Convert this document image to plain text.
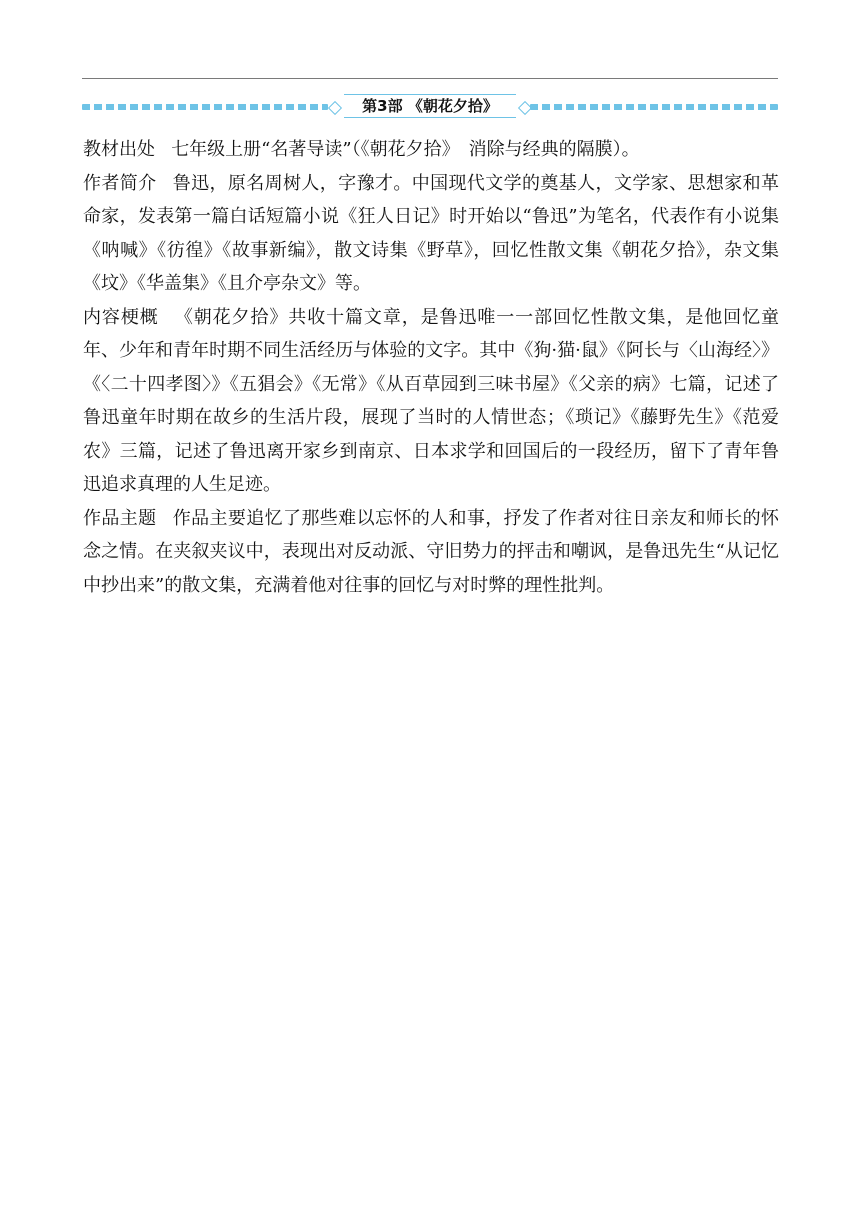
第3部 《朝花夕拾》

教材出处 七年级上册“名著导读”（《朝花夕拾》　消除与经典的隔膜）。

作者简介 鲁迅，原名周树人，字豫才。中国现代文学的奠基人，文学家、思想家和革命家，发表第一篇白话短篇小说《狂人日记》时开始以“鲁迅”为笔名，代表作有小说集《呐喊》《彷徨》《故事新编》，散文诗集《野草》，回忆性散文集《朝花夕拾》，杂文集《坟》《华盖集》《且介亭杂文》等。

内容梗概 《朝花夕拾》共收十篇文章，是鲁迅唯一一部回忆性散文集，是他回忆童年、少年和青年时期不同生活经历与体验的文字。其中《狗·猫·鼠》《阿长与〈山海经〉》《〈二十四孝图〉》《五猖会》《无常》《从百草园到三味书屋》《父亲的病》七篇，记述了鲁迅童年时期在故乡的生活片段，展现了当时的人情世态；《琐记》《藤野先生》《范爱农》三篇，记述了鲁迅离开家乡到南京、日本求学和回国后的一段经历，留下了青年鲁迅追求真理的人生足迹。

作品主题 作品主要追忆了那些难以忘怀的人和事，抒发了作者对往日亲友和师长的怀念之情。在夹叙夹议中，表现出对反动派、守旧势力的抨击和嘲讽，是鲁迅先生“从记忆中抄出来”的散文集，充满着他对往事的回忆与对时弊的理性批判。
